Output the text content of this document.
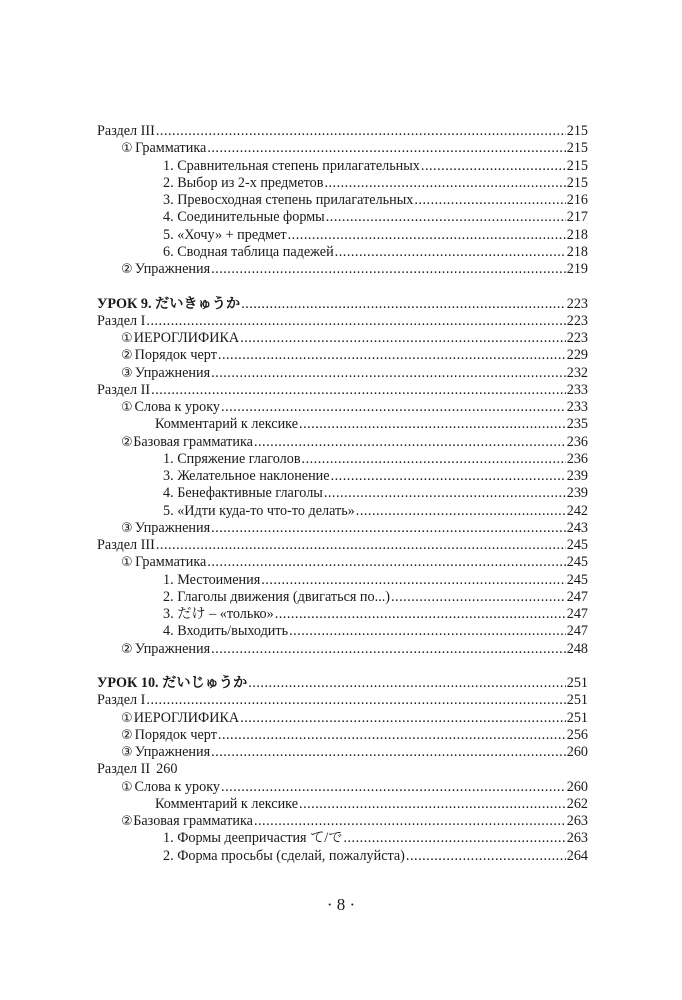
Раздел III .....	215
① Грамматика .....	215
1. Сравнительная степень прилагательных .....	215
2. Выбор из 2-х предметов .....	215
3. Превосходная степень прилагательных .....	216
4. Соединительные формы .....	217
5. «Хочу» + предмет .....	218
6. Сводная таблица падежей .....	218
② Упражнения .....	219
УРОК 9. だいきゅうか .....	223
Раздел I .....	223
① ИЕРОГЛИФИКА .....	223
② Порядок черт .....	229
③ Упражнения .....	232
Раздел II .....	233
① Слова к уроку .....	233
Комментарий к лексике .....	235
② Базовая грамматика .....	236
1. Спряжение глаголов .....	236
3. Желательное наклонение .....	239
4. Бенефактивные глаголы .....	239
5. «Идти куда-то что-то делать» .....	242
③ Упражнения .....	243
Раздел III .....	245
① Грамматика .....	245
1. Местоимения .....	245
2. Глаголы движения (двигаться по...) .....	247
3. だけ – «только» .....	247
4. Входить/выходить .....	247
② Упражнения .....	248
УРОК 10. だいじゅうか .....	251
Раздел I .....	251
① ИЕРОГЛИФИКА .....	251
② Порядок черт .....	256
③ Упражнения .....	260
Раздел II 260
① Слова к уроку .....	260
Комментарий к лексике .....	262
② Базовая грамматика .....	263
1. Формы деепричастия て/で .....	263
2. Форма просьбы (сделай, пожалуйста) .....	264
· 8 ·
